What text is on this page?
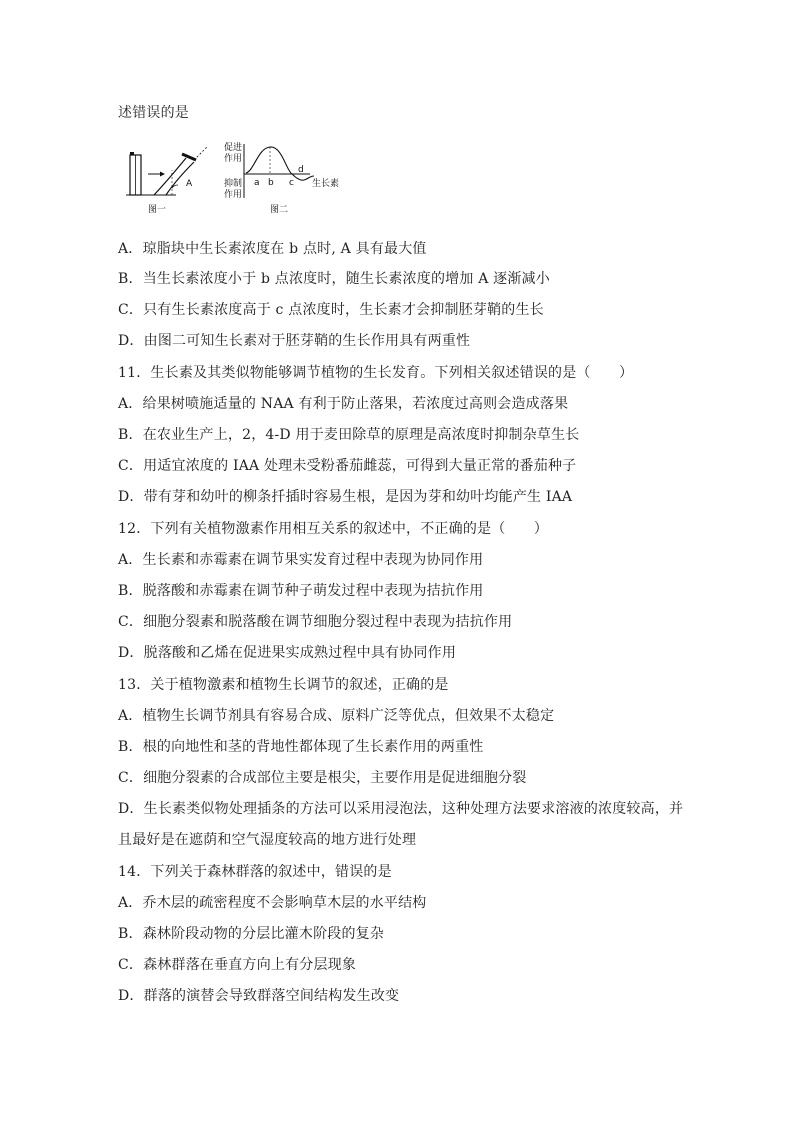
述错误的是
A
图一
促进
作用
抑制
作用
a b c
d
生长素
图二
A．琼脂块中生长素浓度在 b 点时, A 具有最大值
B．当生长素浓度小于 b 点浓度时，随生长素浓度的增加 A 逐渐减小
C．只有生长素浓度高于 c 点浓度时，生长素才会抑制胚芽鞘的生长
D．由图二可知生长素对于胚芽鞘的生长作用具有两重性
11．生长素及其类似物能够调节植物的生长发育。下列相关叙述错误的是（　　）
A．给果树喷施适量的 NAA 有利于防止落果，若浓度过高则会造成落果
B．在农业生产上，2，4-D 用于麦田除草的原理是高浓度时抑制杂草生长
C．用适宜浓度的 IAA 处理未受粉番茄雌蕊，可得到大量正常的番茄种子
D．带有芽和幼叶的柳条扦插时容易生根，是因为芽和幼叶均能产生 IAA
12．下列有关植物激素作用相互关系的叙述中，不正确的是（　　）
A．生长素和赤霉素在调节果实发育过程中表现为协同作用
B．脱落酸和赤霉素在调节种子萌发过程中表现为拮抗作用
C．细胞分裂素和脱落酸在调节细胞分裂过程中表现为拮抗作用
D．脱落酸和乙烯在促进果实成熟过程中具有协同作用
13．关于植物激素和植物生长调节的叙述，正确的是
A．植物生长调节剂具有容易合成、原料广泛等优点，但效果不太稳定
B．根的向地性和茎的背地性都体现了生长素作用的两重性
C．细胞分裂素的合成部位主要是根尖，主要作用是促进细胞分裂
D．生长素类似物处理插条的方法可以采用浸泡法，这种处理方法要求溶液的浓度较高，并
且最好是在遮荫和空气湿度较高的地方进行处理
14．下列关于森林群落的叙述中，错误的是
A．乔木层的疏密程度不会影响草木层的水平结构
B．森林阶段动物的分层比灌木阶段的复杂
C．森林群落在垂直方向上有分层现象
D．群落的演替会导致群落空间结构发生改变
